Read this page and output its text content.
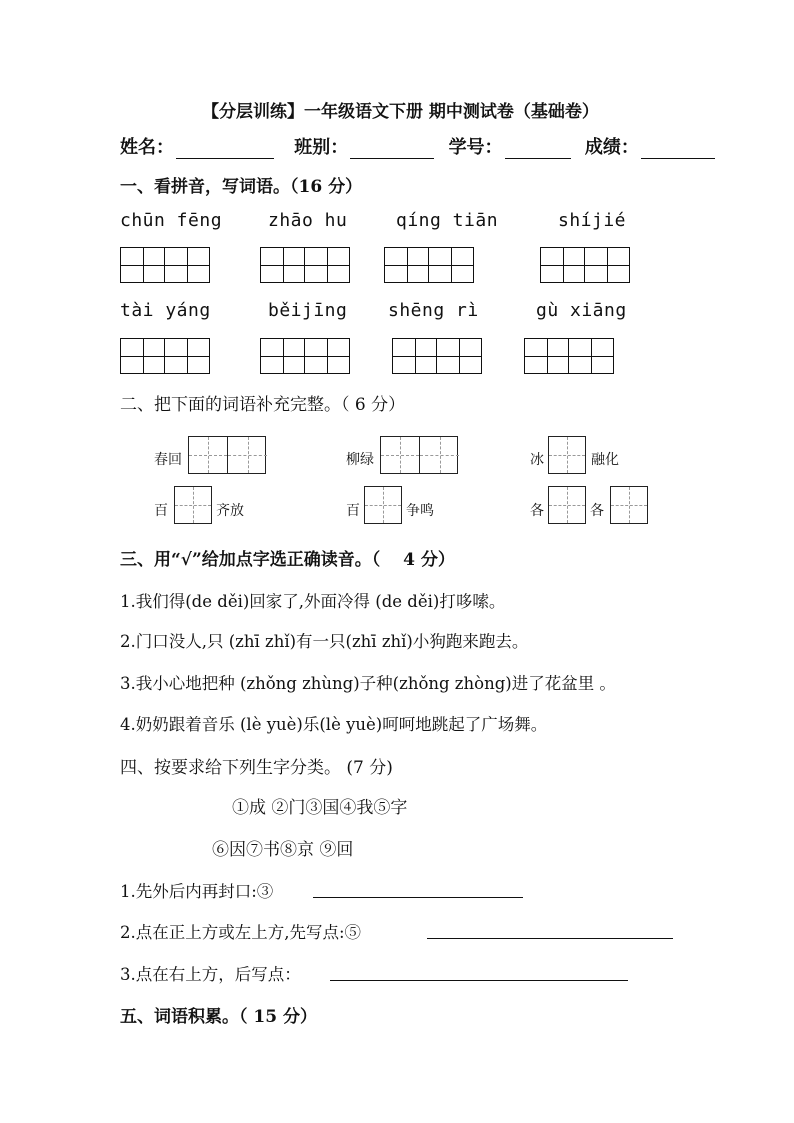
【分层训练】一年级语文下册 期中测试卷（基础卷）
姓名：	班别：	学号：	成绩：
一、看拼音，写词语。（16 分）
chūn fēng	zhāo hu	qíng tiān	shíjié
tài yáng	běijīng shēng rì	gù xiāng
二、把下面的词语补充完整。（ 6 分）
春回	柳绿	冰	融化
百	齐放	百	争鸣	各	各
三、用“√”给加点字选正确读音。（　 4 分）
1.我们得(de děi)回家了,外面冷得 (de děi)打哆嗦。
2.门口没人,只 (zhī zhǐ)有一只(zhī zhǐ)小狗跑来跑去。
3.我小心地把种 (zhǒng zhùng)子种(zhǒng zhòng)进了花盆里 。
4.奶奶跟着音乐 (lè yuè)乐(lè yuè)呵呵地跳起了广场舞。
四、按要求给下列生字分类。 (7 分)
①成 ②门③国④我⑤字
⑥因⑦书⑧京 ⑨回
1.先外后内再封口:③
2.点在正上方或左上方,先写点:⑤
3.点在右上方，后写点：
五、词语积累。（ 15 分）
